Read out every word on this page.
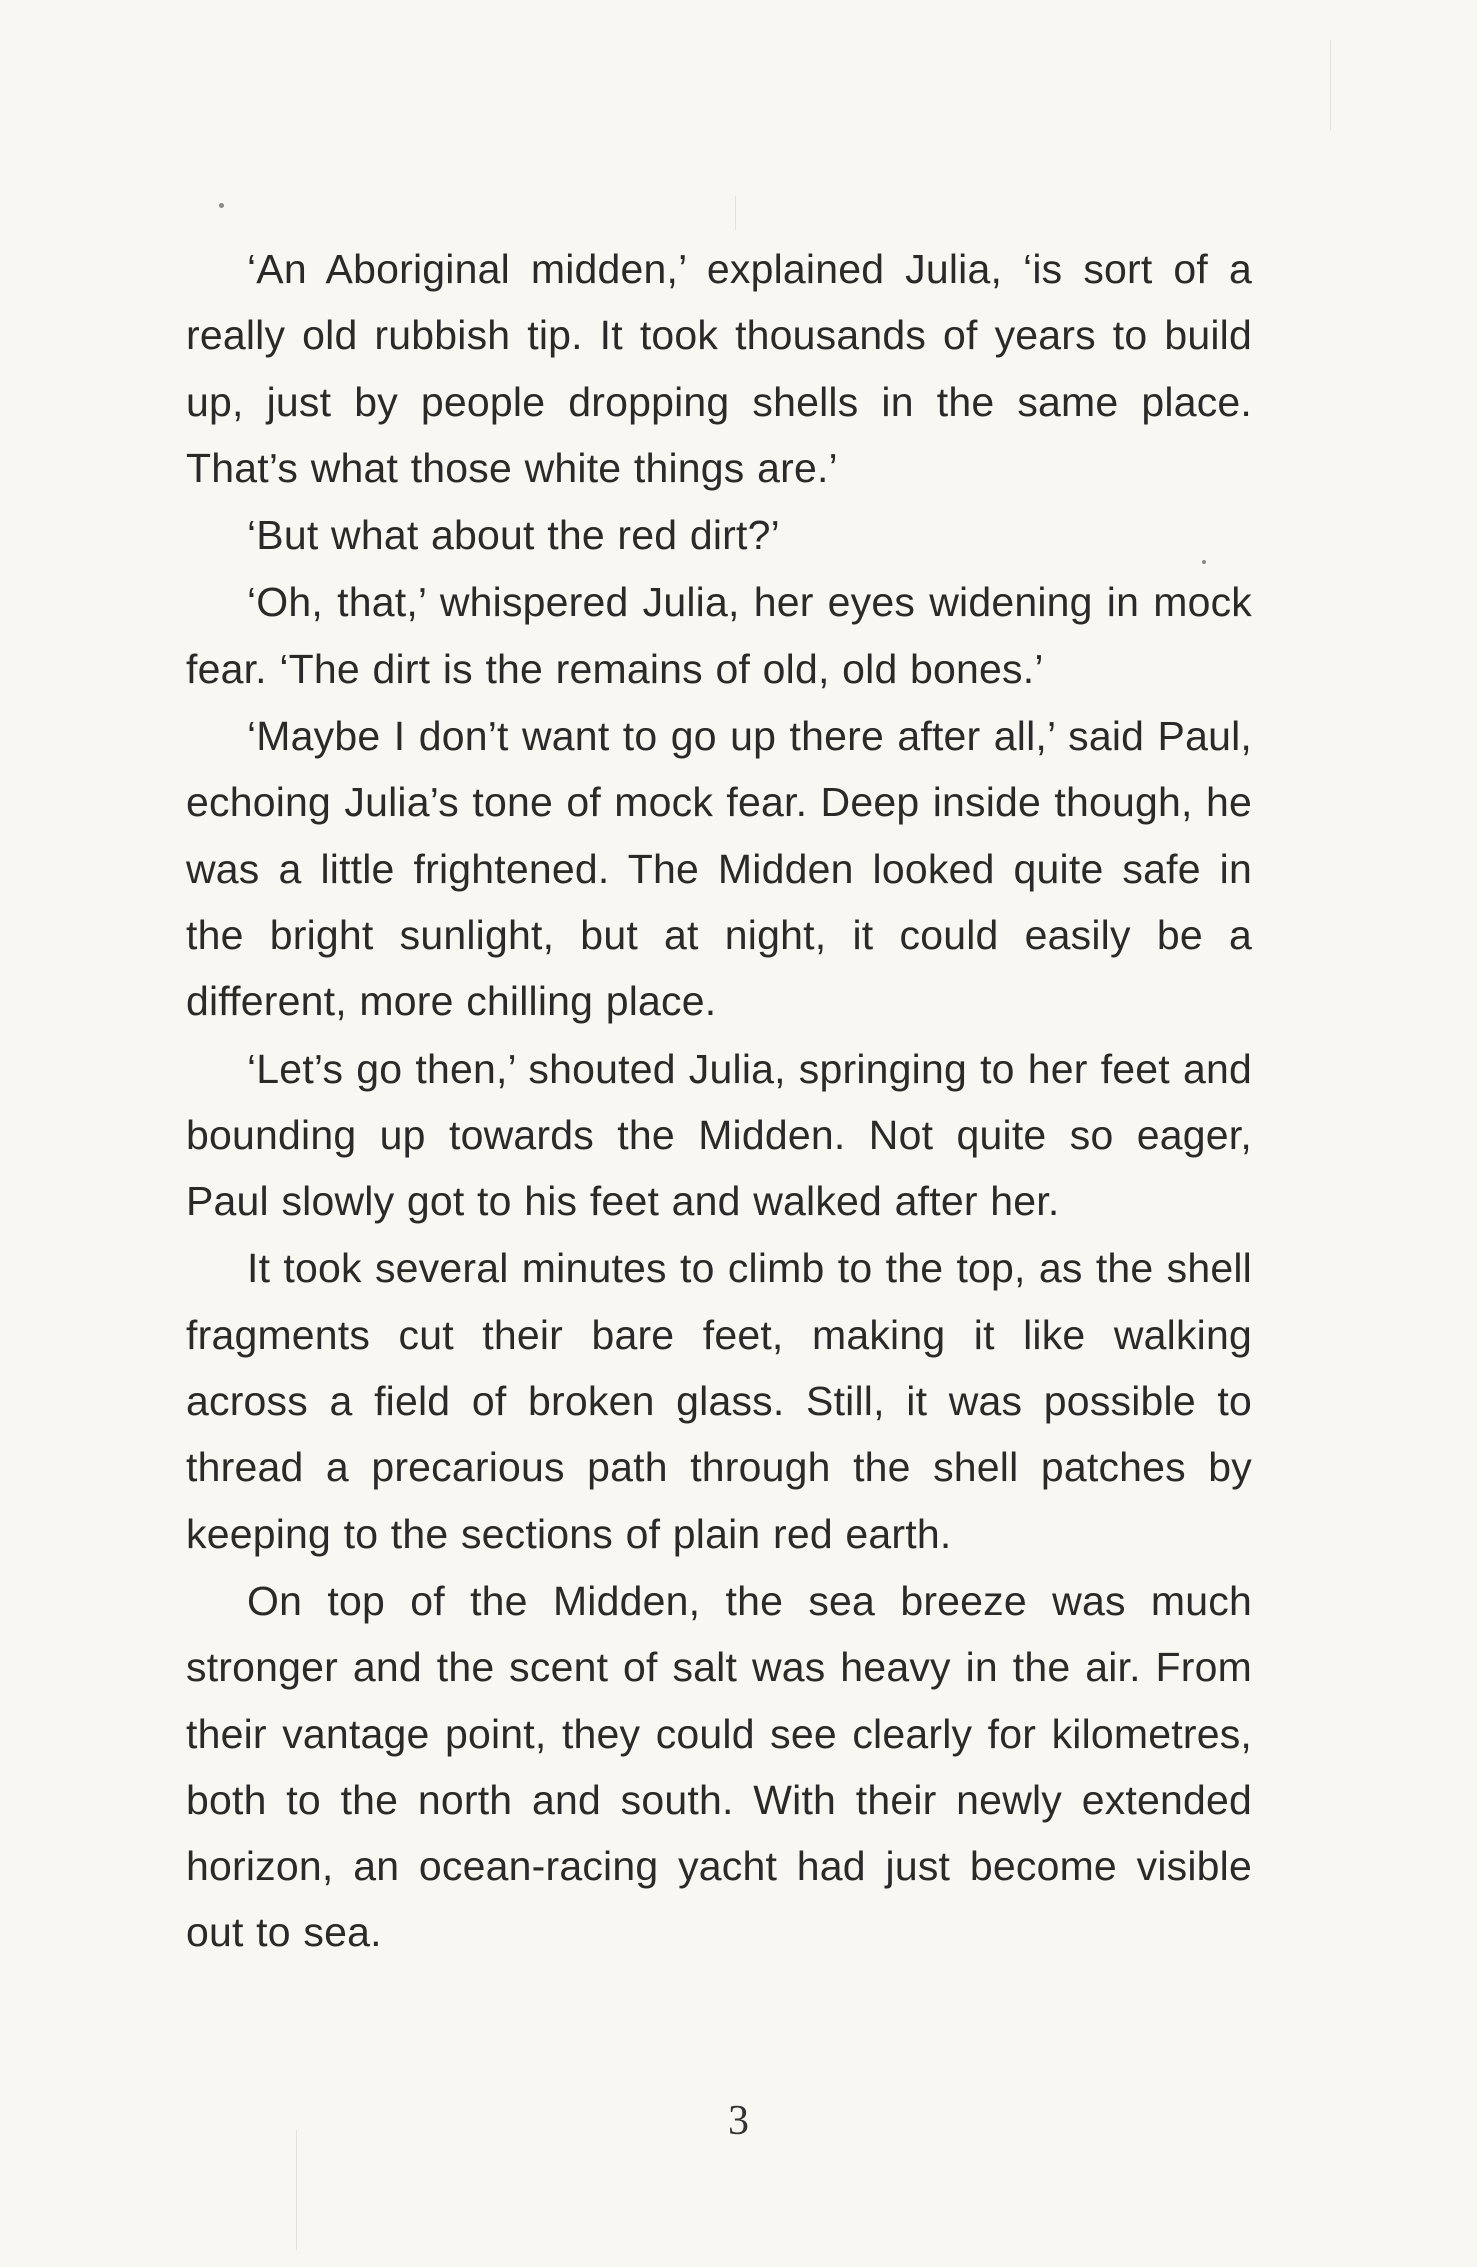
‘An Aboriginal midden,’ explained Julia, ‘is sort of a really old rubbish tip. It took thousands of years to build up, just by people dropping shells in the same place. That’s what those white things are.’

‘But what about the red dirt?’

‘Oh, that,’ whispered Julia, her eyes widening in mock fear. ‘The dirt is the remains of old, old bones.’

‘Maybe I don’t want to go up there after all,’ said Paul, echoing Julia’s tone of mock fear. Deep inside though, he was a little frightened. The Midden looked quite safe in the bright sunlight, but at night, it could easily be a different, more chilling place.

‘Let’s go then,’ shouted Julia, springing to her feet and bounding up towards the Midden. Not quite so eager, Paul slowly got to his feet and walked after her.

It took several minutes to climb to the top, as the shell fragments cut their bare feet, making it like walking across a field of broken glass. Still, it was possible to thread a precarious path through the shell patches by keeping to the sections of plain red earth.

On top of the Midden, the sea breeze was much stronger and the scent of salt was heavy in the air. From their vantage point, they could see clearly for kilometres, both to the north and south. With their newly extended horizon, an ocean-racing yacht had just become visible out to sea.

3
